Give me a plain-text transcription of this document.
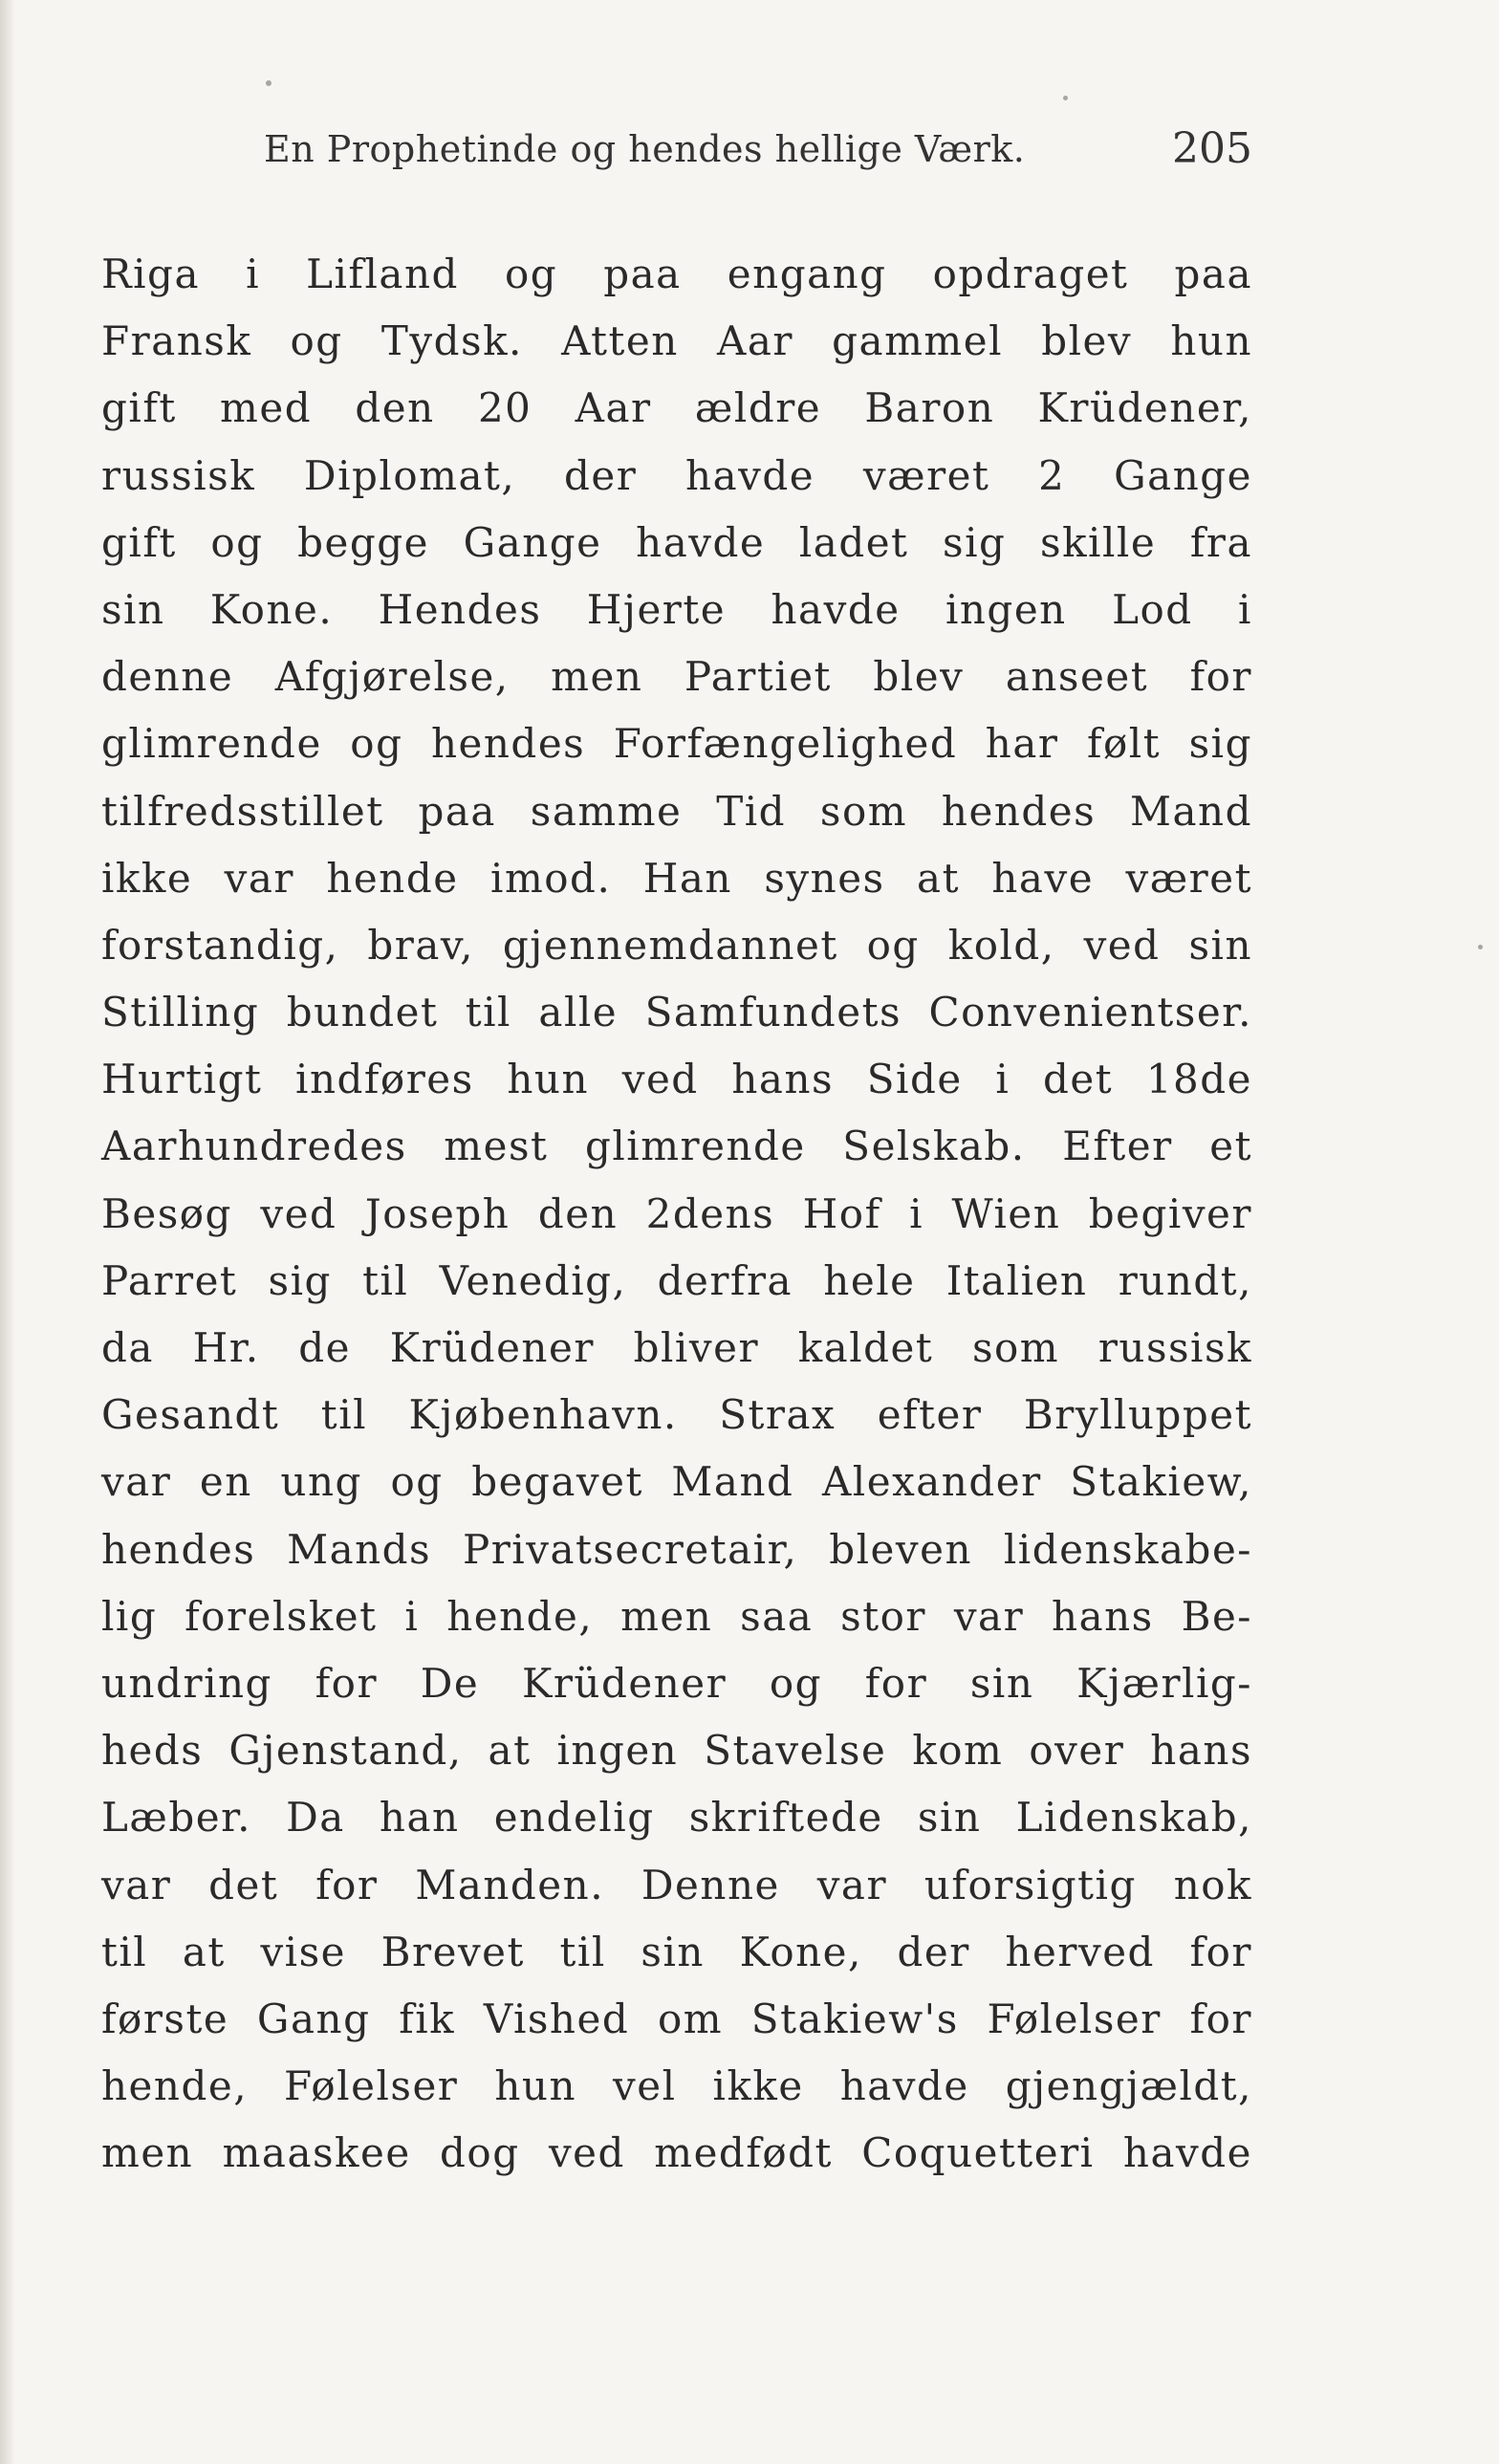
En Prophetinde og hendes hellige Værk.	205
Riga i Lifland og paa engang opdraget paa
Fransk og Tydsk. Atten Aar gammel blev hun
gift med den 20 Aar ældre Baron Krüdener,
russisk Diplomat, der havde været 2 Gange
gift og begge Gange havde ladet sig skille fra
sin Kone. Hendes Hjerte havde ingen Lod i
denne Afgjørelse, men Partiet blev anseet for
glimrende og hendes Forfængelighed har følt sig
tilfredsstillet paa samme Tid som hendes Mand
ikke var hende imod. Han synes at have været
forstandig, brav, gjennemdannet og kold, ved sin
Stilling bundet til alle Samfundets Convenientser.
Hurtigt indføres hun ved hans Side i det 18de
Aarhundredes mest glimrende Selskab. Efter et
Besøg ved Joseph den 2dens Hof i Wien begiver
Parret sig til Venedig, derfra hele Italien rundt,
da Hr. de Krüdener bliver kaldet som russisk
Gesandt til Kjøbenhavn. Strax efter Brylluppet
var en ung og begavet Mand Alexander Stakiew,
hendes Mands Privatsecretair, bleven lidenskabe-
lig forelsket i hende, men saa stor var hans Be-
undring for De Krüdener og for sin Kjærlig-
heds Gjenstand, at ingen Stavelse kom over hans
Læber. Da han endelig skriftede sin Lidenskab,
var det for Manden. Denne var uforsigtig nok
til at vise Brevet til sin Kone, der herved for
første Gang fik Vished om Stakiew's Følelser for
hende, Følelser hun vel ikke havde gjengjældt,
men maaskee dog ved medfødt Coquetteri havde
